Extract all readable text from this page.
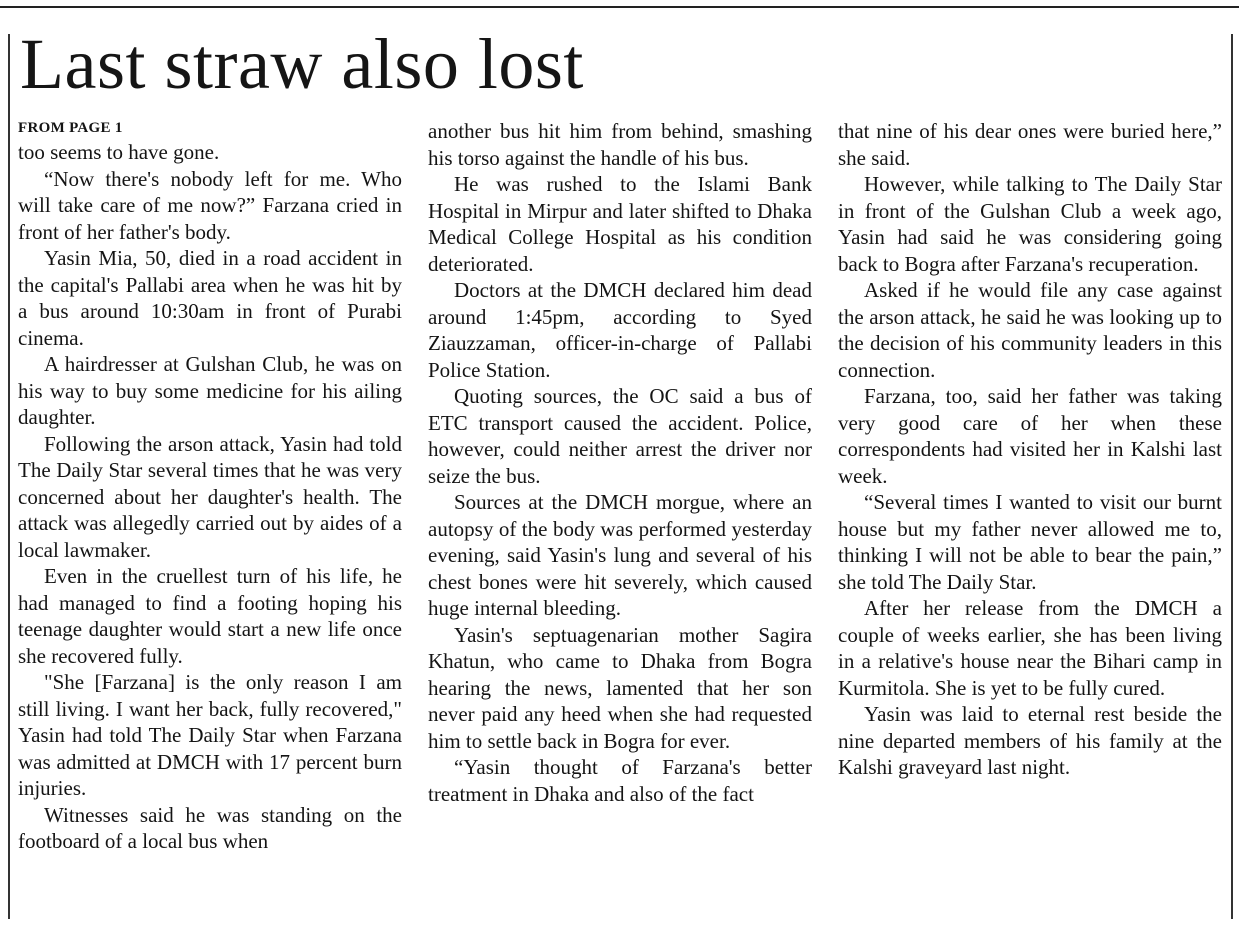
Last straw also lost
FROM PAGE 1

too seems to have gone.

“Now there's nobody left for me. Who will take care of me now?” Farzana cried in front of her father's body.

Yasin Mia, 50, died in a road accident in the capital's Pallabi area when he was hit by a bus around 10:30am in front of Purabi cinema.

A hairdresser at Gulshan Club, he was on his way to buy some medicine for his ailing daughter.

Following the arson attack, Yasin had told The Daily Star several times that he was very concerned about her daughter's health. The attack was allegedly carried out by aides of a local lawmaker.

Even in the cruellest turn of his life, he had managed to find a footing hoping his teenage daughter would start a new life once she recovered fully.

"She [Farzana] is the only reason I am still living. I want her back, fully recovered," Yasin had told The Daily Star when Farzana was admitted at DMCH with 17 percent burn injuries.

Witnesses said he was standing on the footboard of a local bus when

another bus hit him from behind, smashing his torso against the handle of his bus.

He was rushed to the Islami Bank Hospital in Mirpur and later shifted to Dhaka Medical College Hospital as his condition deteriorated.

Doctors at the DMCH declared him dead around 1:45pm, according to Syed Ziauzzaman, officer-in-charge of Pallabi Police Station.

Quoting sources, the OC said a bus of ETC transport caused the accident. Police, however, could neither arrest the driver nor seize the bus.

Sources at the DMCH morgue, where an autopsy of the body was performed yesterday evening, said Yasin's lung and several of his chest bones were hit severely, which caused huge internal bleeding.

Yasin's septuagenarian mother Sagira Khatun, who came to Dhaka from Bogra hearing the news, lamented that her son never paid any heed when she had requested him to settle back in Bogra for ever.

“Yasin thought of Farzana's better treatment in Dhaka and also of the fact

that nine of his dear ones were buried here,” she said.

However, while talking to The Daily Star in front of the Gulshan Club a week ago, Yasin had said he was considering going back to Bogra after Farzana's recuperation.

Asked if he would file any case against the arson attack, he said he was looking up to the decision of his community leaders in this connection.

Farzana, too, said her father was taking very good care of her when these correspondents had visited her in Kalshi last week.

“Several times I wanted to visit our burnt house but my father never allowed me to, thinking I will not be able to bear the pain,” she told The Daily Star.

After her release from the DMCH a couple of weeks earlier, she has been living in a relative's house near the Bihari camp in Kurmitola. She is yet to be fully cured.

Yasin was laid to eternal rest beside the nine departed members of his family at the Kalshi graveyard last night.
